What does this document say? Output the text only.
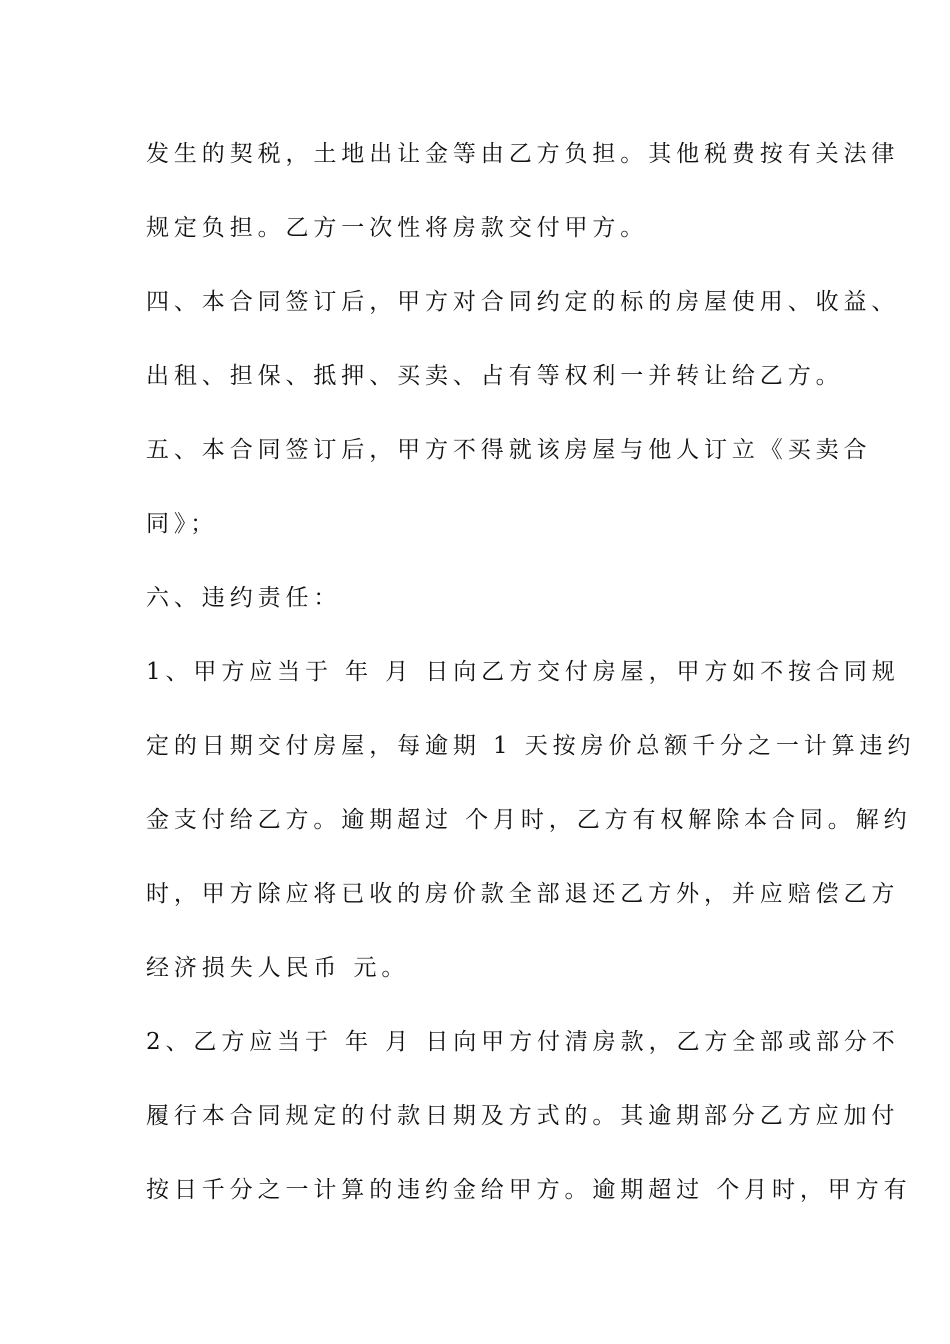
发生的契税，土地出让金等由乙方负担。其他税费按有关法律
规定负担。乙方一次性将房款交付甲方。
四、本合同签订后，甲方对合同约定的标的房屋使用、收益、
出租、担保、抵押、买卖、占有等权利一并转让给乙方。
五、本合同签订后，甲方不得就该房屋与他人订立《买卖合
同》；
六、违约责任：
1、甲方应当于 年 月 日向乙方交付房屋，甲方如不按合同规
定的日期交付房屋，每逾期 1 天按房价总额千分之一计算违约
金支付给乙方。逾期超过 个月时，乙方有权解除本合同。解约
时，甲方除应将已收的房价款全部退还乙方外，并应赔偿乙方
经济损失人民币 元。
2、乙方应当于 年 月 日向甲方付清房款，乙方全部或部分不
履行本合同规定的付款日期及方式的。其逾期部分乙方应加付
按日千分之一计算的违约金给甲方。逾期超过 个月时，甲方有
